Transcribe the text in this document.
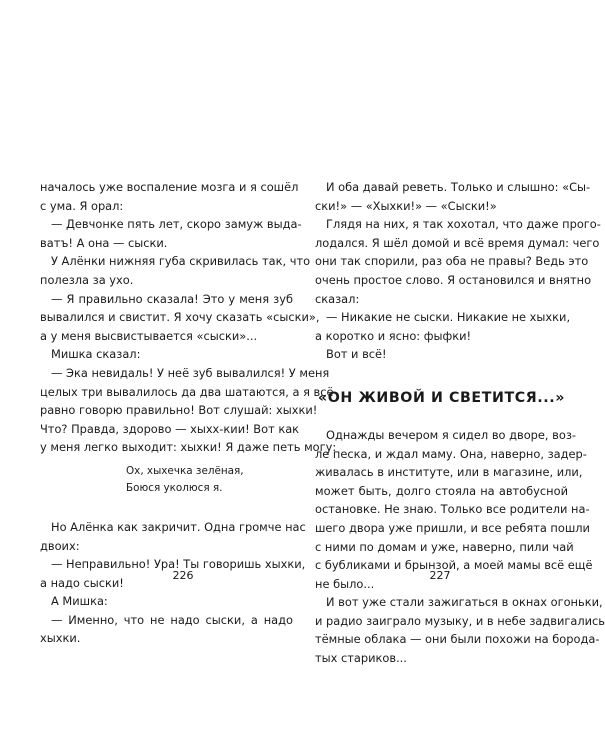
началось уже воспаление мозга и я сошёл
с ума. Я орал:
— Девчонке пять лет, скоро замуж выда-
ватъ! А она — сыски.
У Алёнки нижняя губа скривилась так, что
полезла за ухо.
— Я правильно сказала! Это у меня зуб
вывалился и свистит. Я хочу сказать «сыски»,
а у меня высвистывается «сыски»...
Мишка сказал:
— Эка невидаль! У неё зуб вывалился! У меня
целых три вывалилось да два шатаются, а я всё
равно говорю правильно! Вот слушай: хыхки!
Что? Правда, здорово — хыхх-кии! Вот как
у меня легко выходит: хыхки! Я даже петь могу:
Ох, хыхечка зелёная,
Боюся уколюся я.
Но Алёнка как закричит. Одна громче нас
двоих:
— Неправильно! Ура! Ты говоришь хыхки,
а надо сыски!
А Мишка:
— Именно, что не надо сыски, а надо
хыхки.
226
И оба давай реветь. Только и слышно: «Сы-
ски!» — «Хыхки!» — «Сыски!»
Глядя на них, я так хохотал, что даже прого-
лодался. Я шёл домой и всё время думал: чего
они так спорили, раз оба не правы? Ведь это
очень простое слово. Я остановился и внятно
сказал:
— Никакие не сыски. Никакие не хыхки,
а коротко и ясно: фыфки!
Вот и всё!
«ОН ЖИВОЙ И СВЕТИТСЯ...»
Однажды вечером я сидел во дворе, воз-
ле песка, и ждал маму. Она, наверно, задер-
живалась в институте, или в магазине, или,
может быть, долго стояла на автобусной
остановке. Не знаю. Только все родители на-
шего двора уже пришли, и все ребята пошли
с ними по домам и уже, наверно, пили чай
с бубликами и брынзой, а моей мамы всё ещё
не было...
И вот уже стали зажигаться в окнах огоньки,
и радио заиграло музыку, и в небе задвигались
тёмные облака — они были похожи на борода-
тых стариков...
227
